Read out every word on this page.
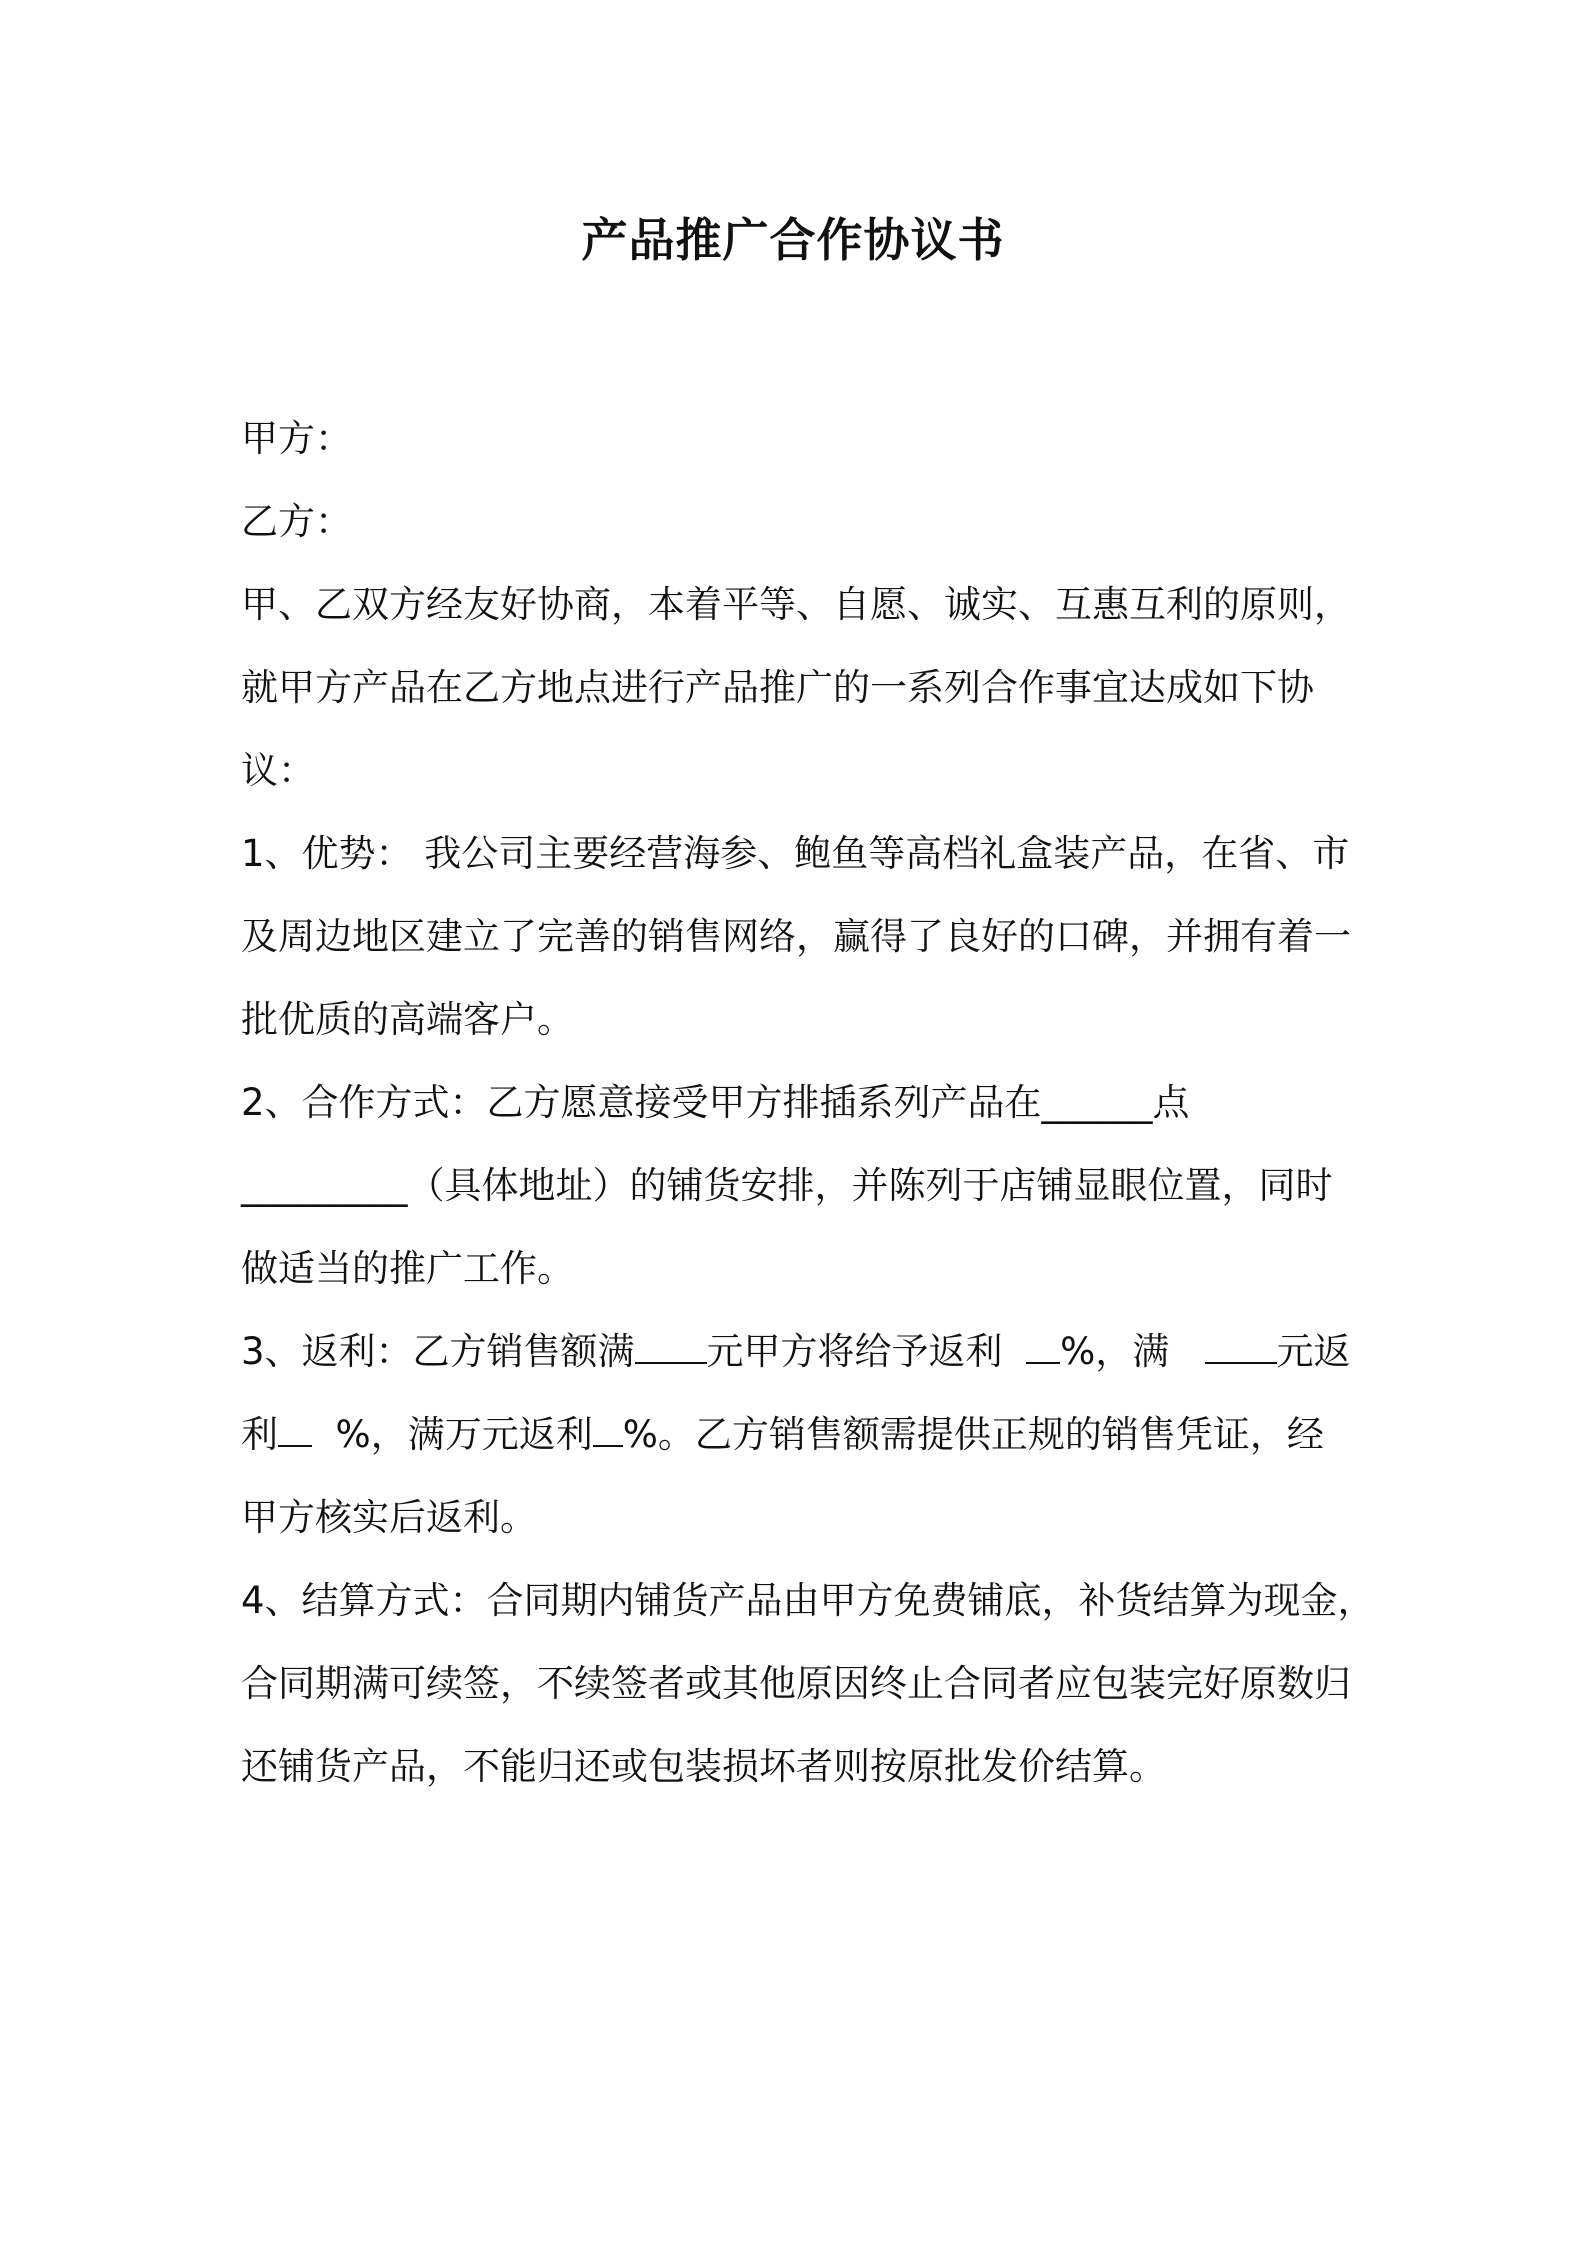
产品推广合作协议书
甲方：
乙方：
甲、乙双方经友好协商，本着平等、自愿、诚实、互惠互利的原则，
就甲方产品在乙方地点进行产品推广的一系列合作事宜达成如下协
议：
1、优势： 我公司主要经营海参、鲍鱼等高档礼盒装产品，在省、市
及周边地区建立了完善的销售网络，赢得了良好的口碑，并拥有着一
批优质的高端客户。
2、合作方式：乙方愿意接受甲方排插系列产品在______点
_________（具体地址）的铺货安排，并陈列于店铺显眼位置，同时
做适当的推广工作。
3、返利：乙方销售额满 元甲方将给予返利 %，满	元返
利 %，满万元返利 %。乙方销售额需提供正规的销售凭证，经
甲方核实后返利。
4、结算方式：合同期内铺货产品由甲方免费铺底，补货结算为现金，
合同期满可续签，不续签者或其他原因终止合同者应包装完好原数归
还铺货产品，不能归还或包装损坏者则按原批发价结算。
